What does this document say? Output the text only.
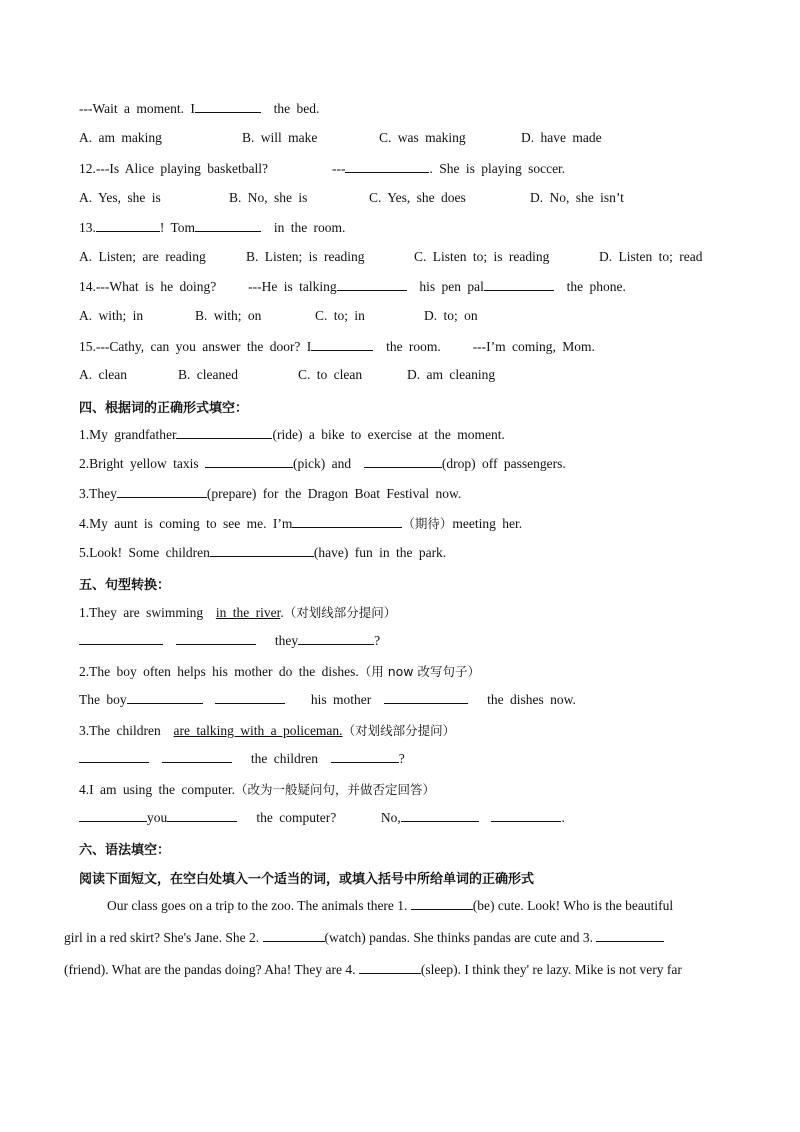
---Wait a moment. I	the bed.
A. am making	B. will make	C. was making	D. have made
12.---Is Alice playing basketball?	---	. She is playing soccer.
A. Yes, she is	B. No, she is	C. Yes, she does	D. No, she isn’t
13.	! Tom	in the room.
A. Listen; are reading	B. Listen; is reading	C. Listen to; is reading	D. Listen to; read
14.---What is he doing? ---He is talking	his pen pal	the phone.
A. with; in	B. with; on	C. to; in	D. to; on
15.---Cathy, can you answer the door? I	the room. ---I’m coming, Mom.
A. clean	B. cleaned	C. to clean	D. am cleaning
四、根据词的正确形式填空：
1.My grandfather	(ride) a bike to exercise at the moment.
2.Bright yellow taxis	(pick) and	(drop) off passengers.
3.They	(prepare) for the Dragon Boat Festival now.
4.My aunt is coming to see me. I’m	（期待）meeting her.
5.Look! Some children	(have) fun in the park.
五、句型转换：
1.They are swimming in the river.（对划线部分提问）
they	?
2.The boy often helps his mother do the dishes.（用 now 改写句子）
The boy	his mother	the dishes now.
3.The children are talking with a policeman.（对划线部分提问）
the children	?
4.I am using the computer.（改为一般疑问句，并做否定回答）
you	the computer?	No,	.
六、语法填空：
阅读下面短文，在空白处填入一个适当的词，或填入括号中所给单词的正确形式
Our class goes on a trip to the zoo. The animals there 1.	(be) cute. Look! Who is the beautiful
girl in a red skirt? She's Jane. She 2.	(watch) pandas. She thinks pandas are cute and 3.
(friend). What are the pandas doing? Aha! They are 4.	(sleep). I think they' re lazy. Mike is not very far
